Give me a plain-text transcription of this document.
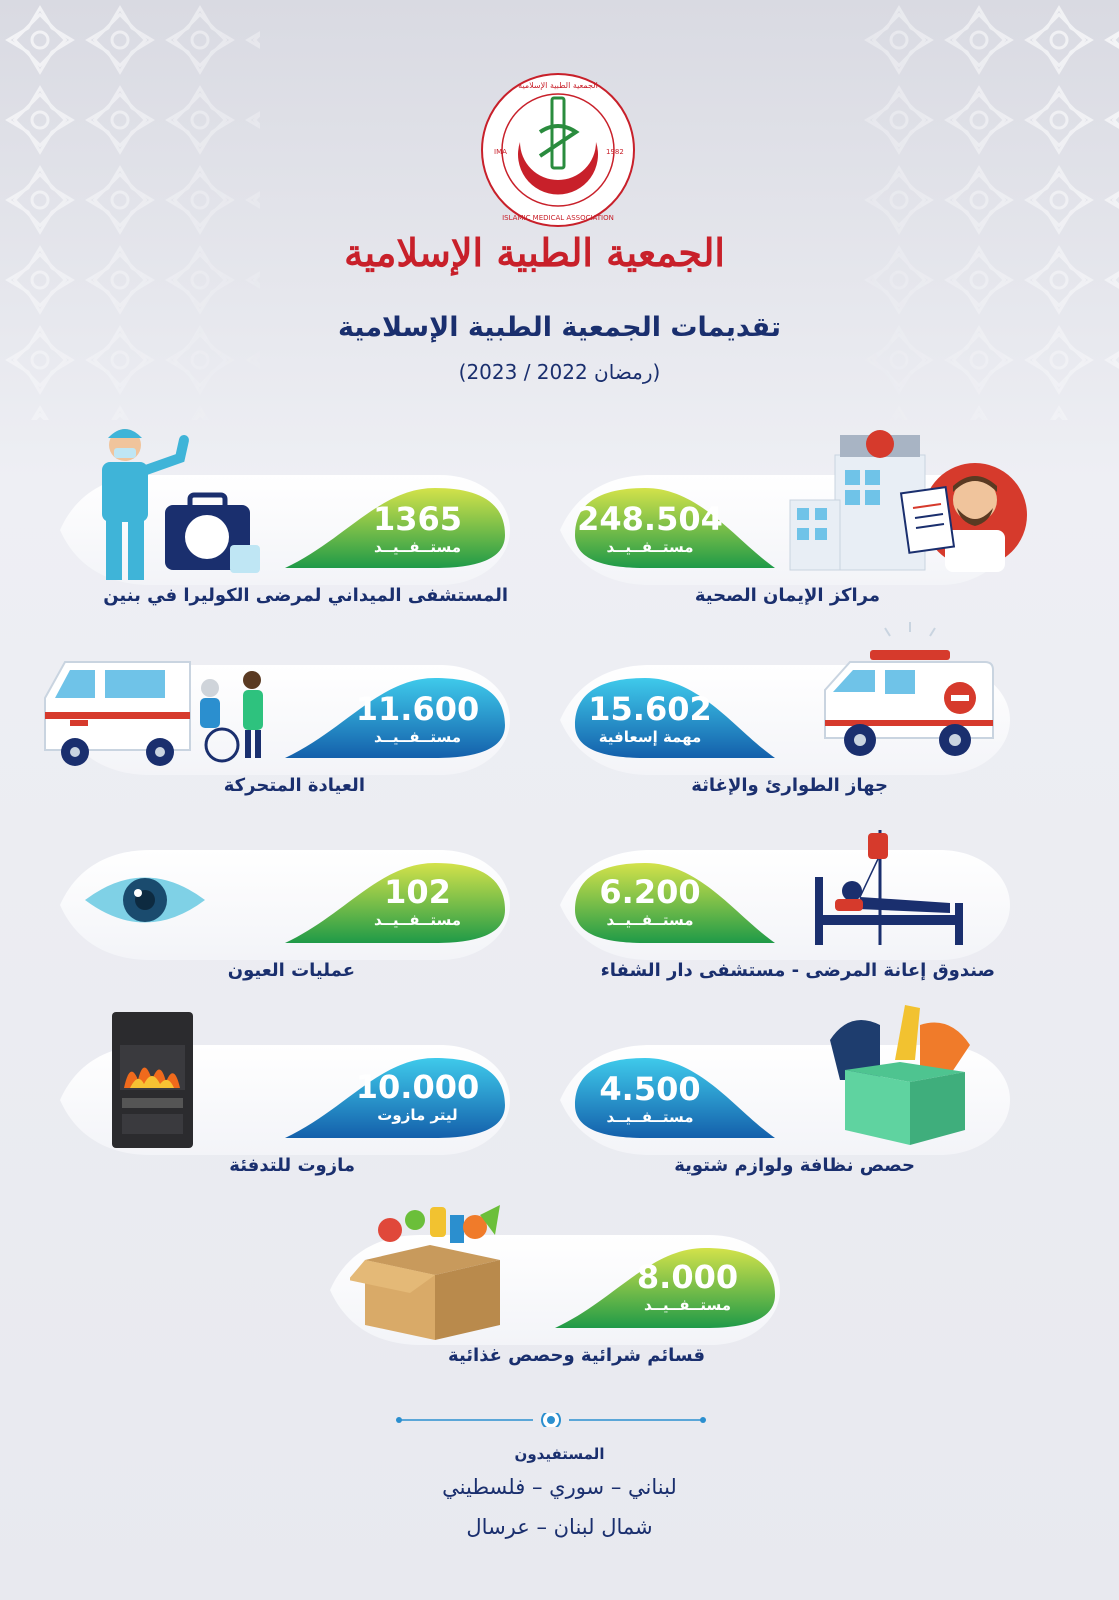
الجمعية الطبية الإسلامية
ISLAMIC MEDICAL ASSOCIATION
IMA	1982
الجمعية الطبية الإسلامية
تقديمات الجمعية الطبية الإسلامية
(رمضان 2022 / 2023)
248.504
مستــفــيــد
مراكز الإيمان الصحية
1365
مستــفــيــد
المستشفى الميداني لمرضى الكوليرا في بنين
15.602
مهمة إسعافية
جهاز الطوارئ والإغاثة
11.600
مستــفــيــد
العيادة المتحركة
6.200
مستــفــيــد
صندوق إعانة المرضى - مستشفى دار الشفاء
102
مستــفــيــد
عمليات العيون
4.500
مستــفــيــد
حصص نظافة ولوازم شتوية
10.000
ليتر مازوت
مازوت للتدفئة
8.000
مستــفــيــد
قسائم شرائية وحصص غذائية
المستفيدون
لبناني – سوري – فلسطيني
شمال لبنان – عرسال
